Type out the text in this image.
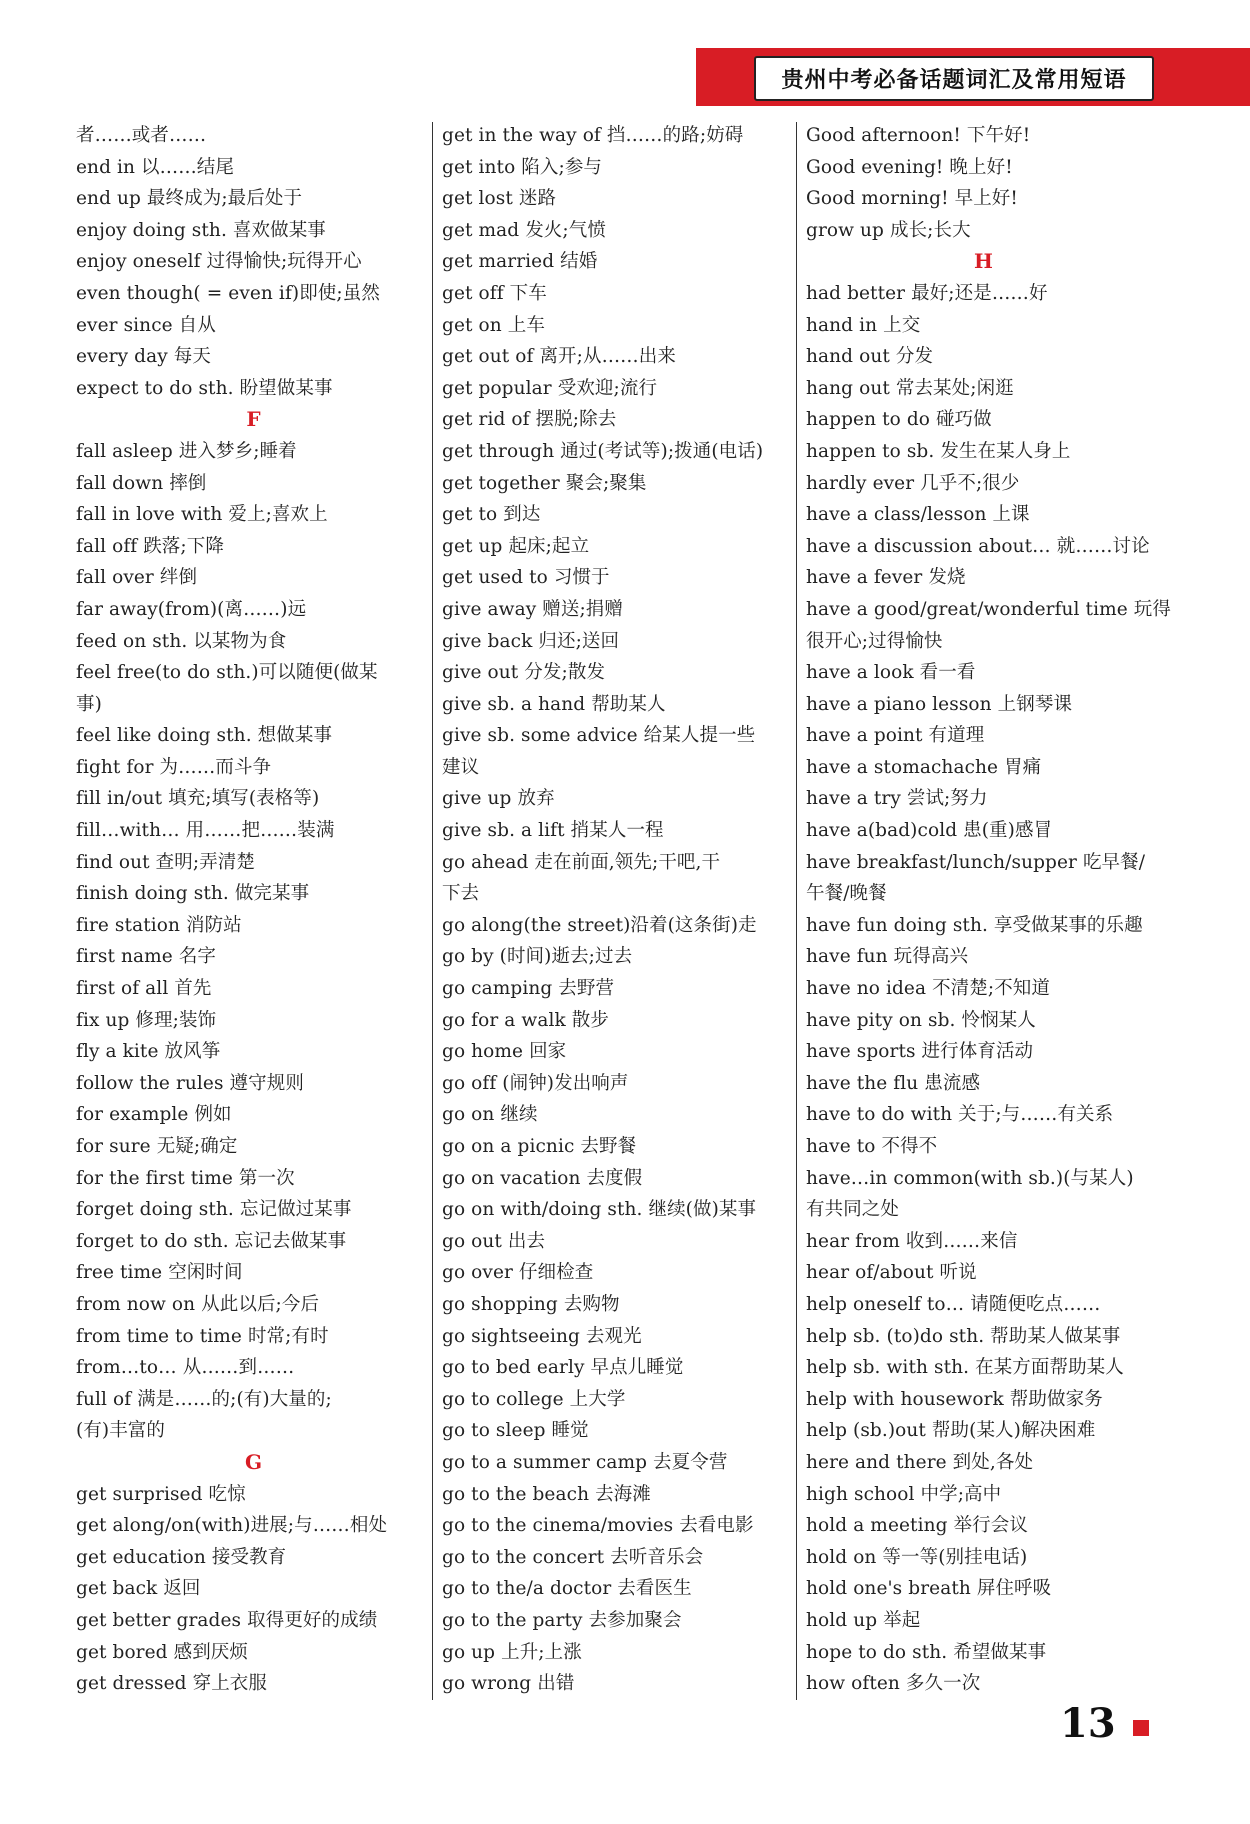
贵州中考必备话题词汇及常用短语
者……或者……
end in 以……结尾
end up 最终成为;最后处于
enjoy doing sth. 喜欢做某事
enjoy oneself 过得愉快;玩得开心
even though( = even if)即使;虽然
ever since 自从
every day 每天
expect to do sth. 盼望做某事
F
fall asleep 进入梦乡;睡着
fall down 摔倒
fall in love with 爱上;喜欢上
fall off 跌落;下降
fall over 绊倒
far away(from)(离……)远
feed on sth. 以某物为食
feel free(to do sth.)可以随便(做某
事)
feel like doing sth. 想做某事
fight for 为……而斗争
fill in/out 填充;填写(表格等)
fill…with… 用……把……装满
find out 查明;弄清楚
finish doing sth. 做完某事
fire station 消防站
first name 名字
first of all 首先
fix up 修理;装饰
fly a kite 放风筝
follow the rules 遵守规则
for example 例如
for sure 无疑;确定
for the first time 第一次
forget doing sth. 忘记做过某事
forget to do sth. 忘记去做某事
free time 空闲时间
from now on 从此以后;今后
from time to time 时常;有时
from…to… 从……到……
full of 满是……的;(有)大量的;
(有)丰富的
G
get surprised 吃惊
get along/on(with)进展;与……相处
get education 接受教育
get back 返回
get better grades 取得更好的成绩
get bored 感到厌烦
get dressed 穿上衣服
get in the way of 挡……的路;妨碍
get into 陷入;参与
get lost 迷路
get mad 发火;气愤
get married 结婚
get off 下车
get on 上车
get out of 离开;从……出来
get popular 受欢迎;流行
get rid of 摆脱;除去
get through 通过(考试等);拨通(电话)
get together 聚会;聚集
get to 到达
get up 起床;起立
get used to 习惯于
give away 赠送;捐赠
give back 归还;送回
give out 分发;散发
give sb. a hand 帮助某人
give sb. some advice 给某人提一些
建议
give up 放弃
give sb. a lift 捎某人一程
go ahead 走在前面,领先;干吧,干
下去
go along(the street)沿着(这条街)走
go by (时间)逝去;过去
go camping 去野营
go for a walk 散步
go home 回家
go off (闹钟)发出响声
go on 继续
go on a picnic 去野餐
go on vacation 去度假
go on with/doing sth. 继续(做)某事
go out 出去
go over 仔细检查
go shopping 去购物
go sightseeing 去观光
go to bed early 早点儿睡觉
go to college 上大学
go to sleep 睡觉
go to a summer camp 去夏令营
go to the beach 去海滩
go to the cinema/movies 去看电影
go to the concert 去听音乐会
go to the/a doctor 去看医生
go to the party 去参加聚会
go up 上升;上涨
go wrong 出错
Good afternoon! 下午好!
Good evening! 晚上好!
Good morning! 早上好!
grow up 成长;长大
H
had better 最好;还是……好
hand in 上交
hand out 分发
hang out 常去某处;闲逛
happen to do 碰巧做
happen to sb. 发生在某人身上
hardly ever 几乎不;很少
have a class/lesson 上课
have a discussion about… 就……讨论
have a fever 发烧
have a good/great/wonderful time 玩得
很开心;过得愉快
have a look 看一看
have a piano lesson 上钢琴课
have a point 有道理
have a stomachache 胃痛
have a try 尝试;努力
have a(bad)cold 患(重)感冒
have breakfast/lunch/supper 吃早餐/
午餐/晚餐
have fun doing sth. 享受做某事的乐趣
have fun 玩得高兴
have no idea 不清楚;不知道
have pity on sb. 怜悯某人
have sports 进行体育活动
have the flu 患流感
have to do with 关于;与……有关系
have to 不得不
have…in common(with sb.)(与某人)
有共同之处
hear from 收到……来信
hear of/about 听说
help oneself to… 请随便吃点……
help sb. (to)do sth. 帮助某人做某事
help sb. with sth. 在某方面帮助某人
help with housework 帮助做家务
help (sb.)out 帮助(某人)解决困难
here and there 到处,各处
high school 中学;高中
hold a meeting 举行会议
hold on 等一等(别挂电话)
hold one's breath 屏住呼吸
hold up 举起
hope to do sth. 希望做某事
how often 多久一次
13
